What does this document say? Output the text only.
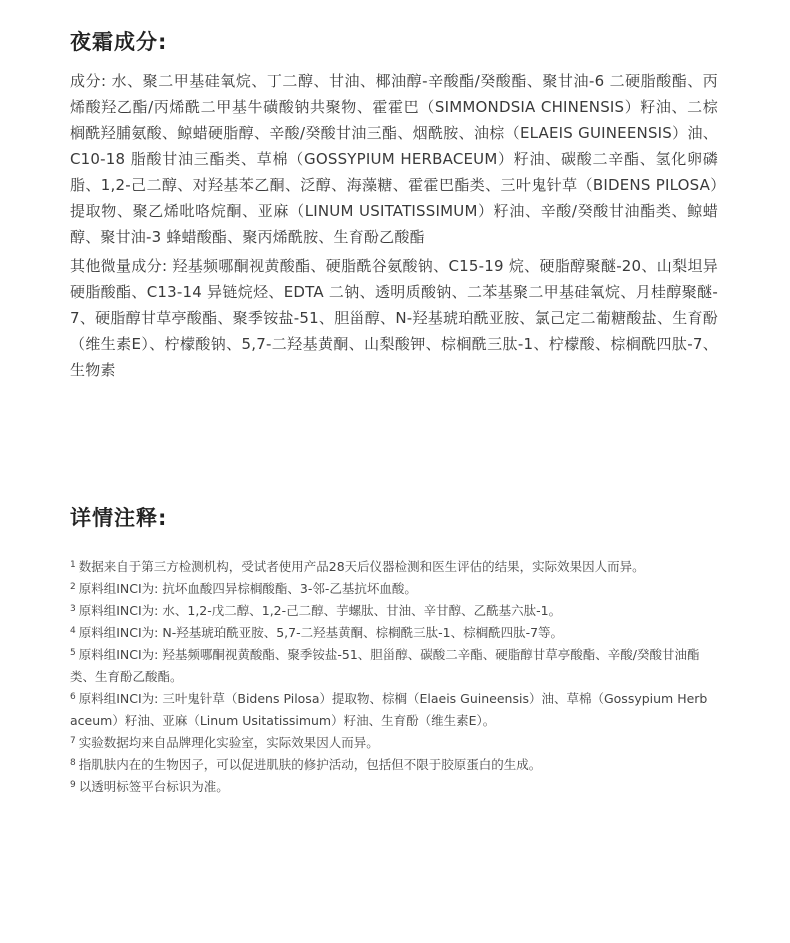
夜霜成分:

成分: 水、聚二甲基硅氧烷、丁二醇、甘油、椰油醇-辛酸酯/癸酸酯、聚甘油-6 二硬脂酸酯、丙烯酸羟乙酯/丙烯酰二甲基牛磺酸钠共聚物、霍霍巴（SIMMONDSIA CHINENSIS）籽油、二棕榈酰羟脯氨酸、鲸蜡硬脂醇、辛酸/癸酸甘油三酯、烟酰胺、油棕（ELAEIS GUINEENSIS）油、C10-18 脂酸甘油三酯类、草棉（GOSSYPIUM HERBACEUM）籽油、碳酸二辛酯、氢化卵磷脂、1,2-己二醇、对羟基苯乙酮、泛醇、海藻糖、霍霍巴酯类、三叶鬼针草（BIDENS PILOSA）提取物、聚乙烯吡咯烷酮、亚麻（LINUM USITATISSIMUM）籽油、辛酸/癸酸甘油酯类、鲸蜡醇、聚甘油-3 蜂蜡酸酯、聚丙烯酰胺、生育酚乙酸酯

其他微量成分: 羟基频哪酮视黄酸酯、硬脂酰谷氨酸钠、C15-19 烷、硬脂醇聚醚-20、山梨坦异硬脂酸酯、C13-14 异链烷烃、EDTA 二钠、透明质酸钠、二苯基聚二甲基硅氧烷、月桂醇聚醚-7、硬脂醇甘草亭酸酯、聚季铵盐-51、胆甾醇、N-羟基琥珀酰亚胺、氯己定二葡糖酸盐、生育酚（维生素E）、柠檬酸钠、5,7-二羟基黄酮、山梨酸钾、棕榈酰三肽-1、柠檬酸、棕榈酰四肽-7、生物素

详情注释:
$^1$ 数据来自于第三方检测机构，受试者使用产品28天后仪器检测和医生评估的结果，实际效果因人而异。
$^2$ 原料组INCI为: 抗坏血酸四异棕榈酸酯、3-邻-乙基抗坏血酸。
$^3$ 原料组INCI为: 水、1,2-戊二醇、1,2-己二醇、芋螺肽、甘油、辛甘醇、乙酰基六肽-1。
$^4$ 原料组INCI为: N-羟基琥珀酰亚胺、5,7-二羟基黄酮、棕榈酰三肽-1、棕榈酰四肽-7等。
$^5$ 原料组INCI为: 羟基频哪酮视黄酸酯、聚季铵盐-51、胆甾醇、碳酸二辛酯、硬脂醇甘草亭酸酯、辛酸/癸酸甘油酯类、生育酚乙酸酯。
$^6$ 原料组INCI为: 三叶鬼针草（Bidens Pilosa）提取物、棕榈（Elaeis Guineensis）油、草棉（Gossypium Herbaceum）籽油、亚麻（Linum Usitatissimum）籽油、生育酚（维生素E）。
$^7$ 实验数据均来自品牌理化实验室，实际效果因人而异。
$^8$ 指肌肤内在的生物因子，可以促进肌肤的修护活动，包括但不限于胶原蛋白的生成。
$^9$ 以透明标签平台标识为准。
